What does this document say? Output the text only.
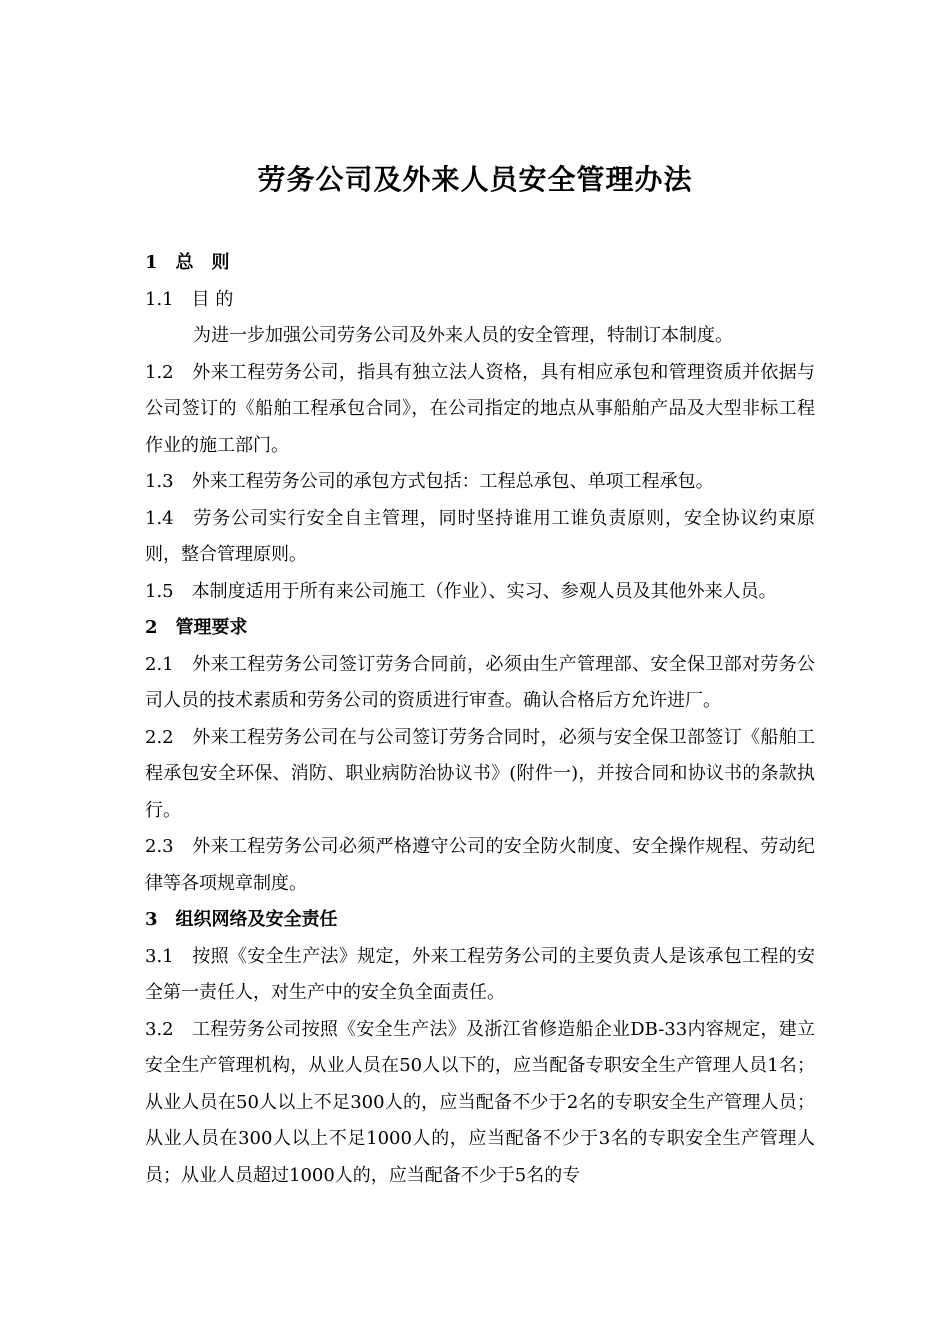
劳务公司及外来人员安全管理办法

1　总　则

1.1　目 的

为进一步加强公司劳务公司及外来人员的安全管理，特制订本制度。

1.2　外来工程劳务公司，指具有独立法人资格，具有相应承包和管理资质并依据与公司签订的《船舶工程承包合同》，在公司指定的地点从事船舶产品及大型非标工程作业的施工部门。

1.3　外来工程劳务公司的承包方式包括：工程总承包、单项工程承包。

1.4　劳务公司实行安全自主管理，同时坚持谁用工谁负责原则，安全协议约束原则，整合管理原则。

1.5　本制度适用于所有来公司施工（作业）、实习、参观人员及其他外来人员。

2　管理要求

2.1　外来工程劳务公司签订劳务合同前，必须由生产管理部、安全保卫部对劳务公司人员的技术素质和劳务公司的资质进行审查。确认合格后方允许进厂。

2.2　外来工程劳务公司在与公司签订劳务合同时，必须与安全保卫部签订《船舶工程承包安全环保、消防、职业病防治协议书》(附件一)，并按合同和协议书的条款执行。

2.3　外来工程劳务公司必须严格遵守公司的安全防火制度、安全操作规程、劳动纪律等各项规章制度。

3　组织网络及安全责任

3.1　按照《安全生产法》规定，外来工程劳务公司的主要负责人是该承包工程的安全第一责任人，对生产中的安全负全面责任。

3.2　工程劳务公司按照《安全生产法》及浙江省修造船企业DB-33内容规定，建立安全生产管理机构，从业人员在50人以下的，应当配备专职安全生产管理人员1名；从业人员在50人以上不足300人的，应当配备不少于2名的专职安全生产管理人员；从业人员在300人以上不足1000人的，应当配备不少于3名的专职安全生产管理人员；从业人员超过1000人的，应当配备不少于5名的专
